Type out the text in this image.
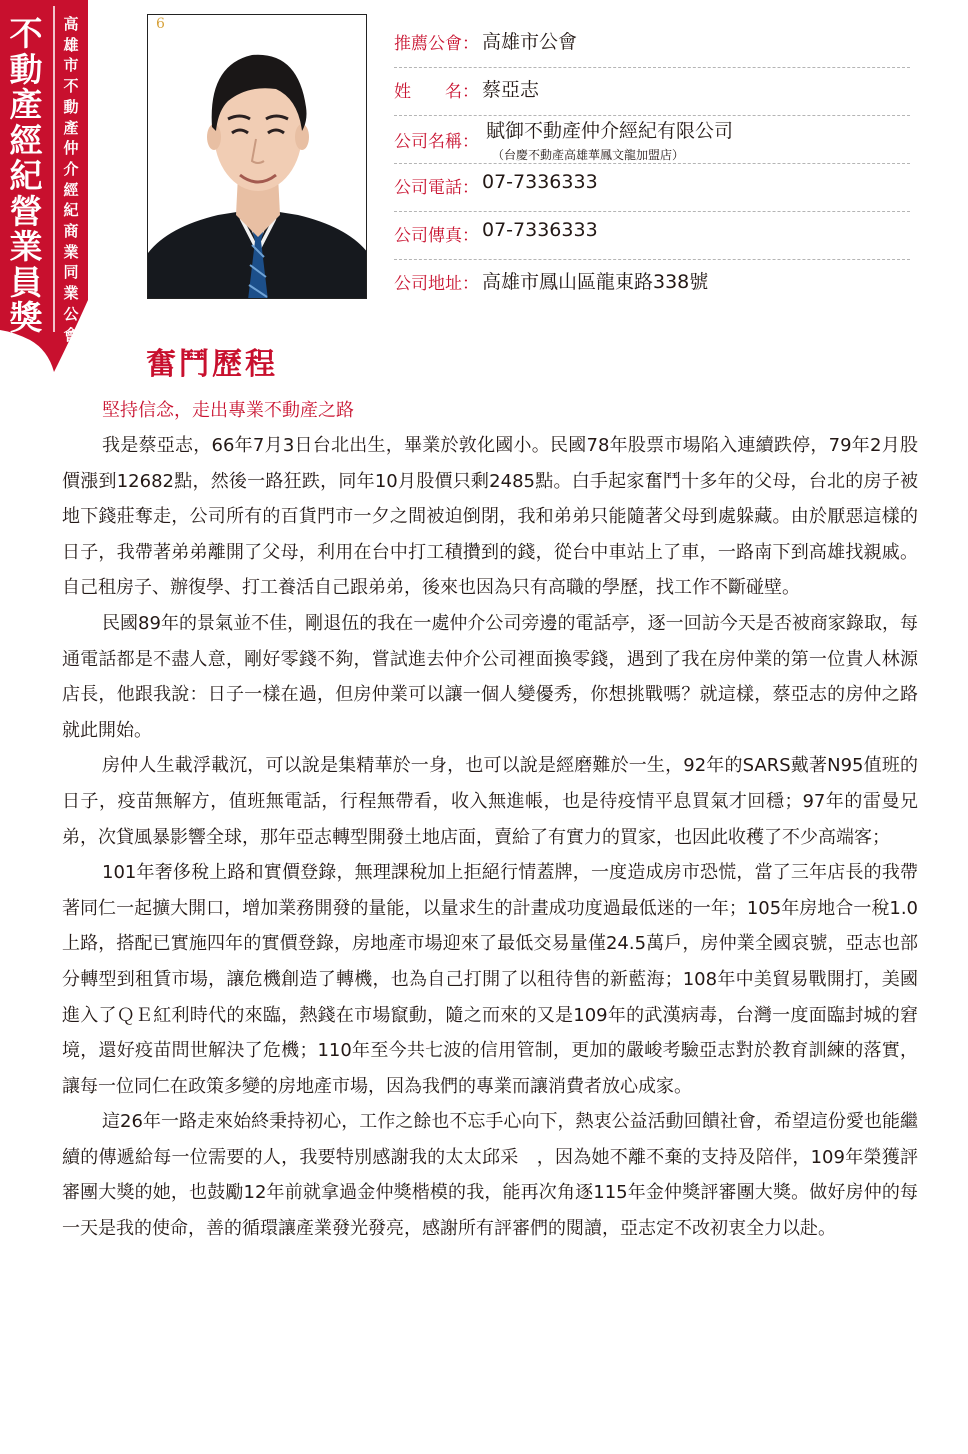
不動產經紀營業員獎
高雄市不動產仲介經紀商業同業公會
6
推薦公會： 高雄市公會
姓 名： 蔡亞志
公司名稱： 賦御不動產仲介經紀有限公司
（台慶不動產高雄華鳳文龍加盟店）
公司電話： 07-7336333
公司傳真： 07-7336333
公司地址： 高雄市鳳山區龍東路338號
奮鬥歷程
堅持信念，走出專業不動產之路

我是蔡亞志，66年7月3日台北出生，畢業於敦化國小。民國78年股票市場陷入連續跌停，79年2月股價漲到12682點，然後一路狂跌，同年10月股價只剩2485點。白手起家奮鬥十多年的父母，台北的房子被地下錢莊奪走，公司所有的百貨門市一夕之間被迫倒閉，我和弟弟只能隨著父母到處躲藏。由於厭惡這樣的日子，我帶著弟弟離開了父母，利用在台中打工積攢到的錢，從台中車站上了車，一路南下到高雄找親戚。自己租房子、辦復學、打工養活自己跟弟弟，後來也因為只有高職的學歷，找工作不斷碰壁。

民國89年的景氣並不佳，剛退伍的我在一處仲介公司旁邊的電話亭，逐一回訪今天是否被商家錄取，每通電話都是不盡人意，剛好零錢不夠，嘗試進去仲介公司裡面換零錢，遇到了我在房仲業的第一位貴人林源　店長，他跟我說：日子一樣在過，但房仲業可以讓一個人變優秀，你想挑戰嗎？就這樣，蔡亞志的房仲之路就此開始。

房仲人生載浮載沉，可以說是集精華於一身，也可以說是經磨難於一生，92年的SARS戴著N95值班的日子，疫苗無解方，值班無電話，行程無帶看，收入無進帳，也是待疫情平息買氣才回穩；97年的雷曼兄弟，次貸風暴影響全球，那年亞志轉型開發土地店面，賣給了有實力的買家，也因此收穫了不少高端客；

101年奢侈稅上路和實價登錄，無理課稅加上拒絕行情蓋牌，一度造成房市恐慌，當了三年店長的我帶著同仁一起擴大開口，增加業務開發的量能，以量求生的計畫成功度過最低迷的一年；105年房地合一稅1.0上路，搭配已實施四年的實價登錄，房地產市場迎來了最低交易量僅24.5萬戶，房仲業全國哀號，亞志也部分轉型到租賃市場，讓危機創造了轉機，也為自己打開了以租待售的新藍海；108年中美貿易戰開打，美國進入了ＱＥ紅利時代的來臨，熱錢在市場竄動，隨之而來的又是109年的武漢病毒，台灣一度面臨封城的窘境，還好疫苗問世解決了危機；110年至今共七波的信用管制，更加的嚴峻考驗亞志對於教育訓練的落實，讓每一位同仁在政策多變的房地產市場，因為我們的專業而讓消費者放心成家。

這26年一路走來始終秉持初心，工作之餘也不忘手心向下，熱衷公益活動回饋社會，希望這份愛也能繼續的傳遞給每一位需要的人，我要特別感謝我的太太邱采　，因為她不離不棄的支持及陪伴，109年榮獲評審團大獎的她，也鼓勵12年前就拿過金仲獎楷模的我，能再次角逐115年金仲獎評審團大獎。做好房仲的每一天是我的使命，善的循環讓產業發光發亮，感謝所有評審們的閱讀，亞志定不改初衷全力以赴。
